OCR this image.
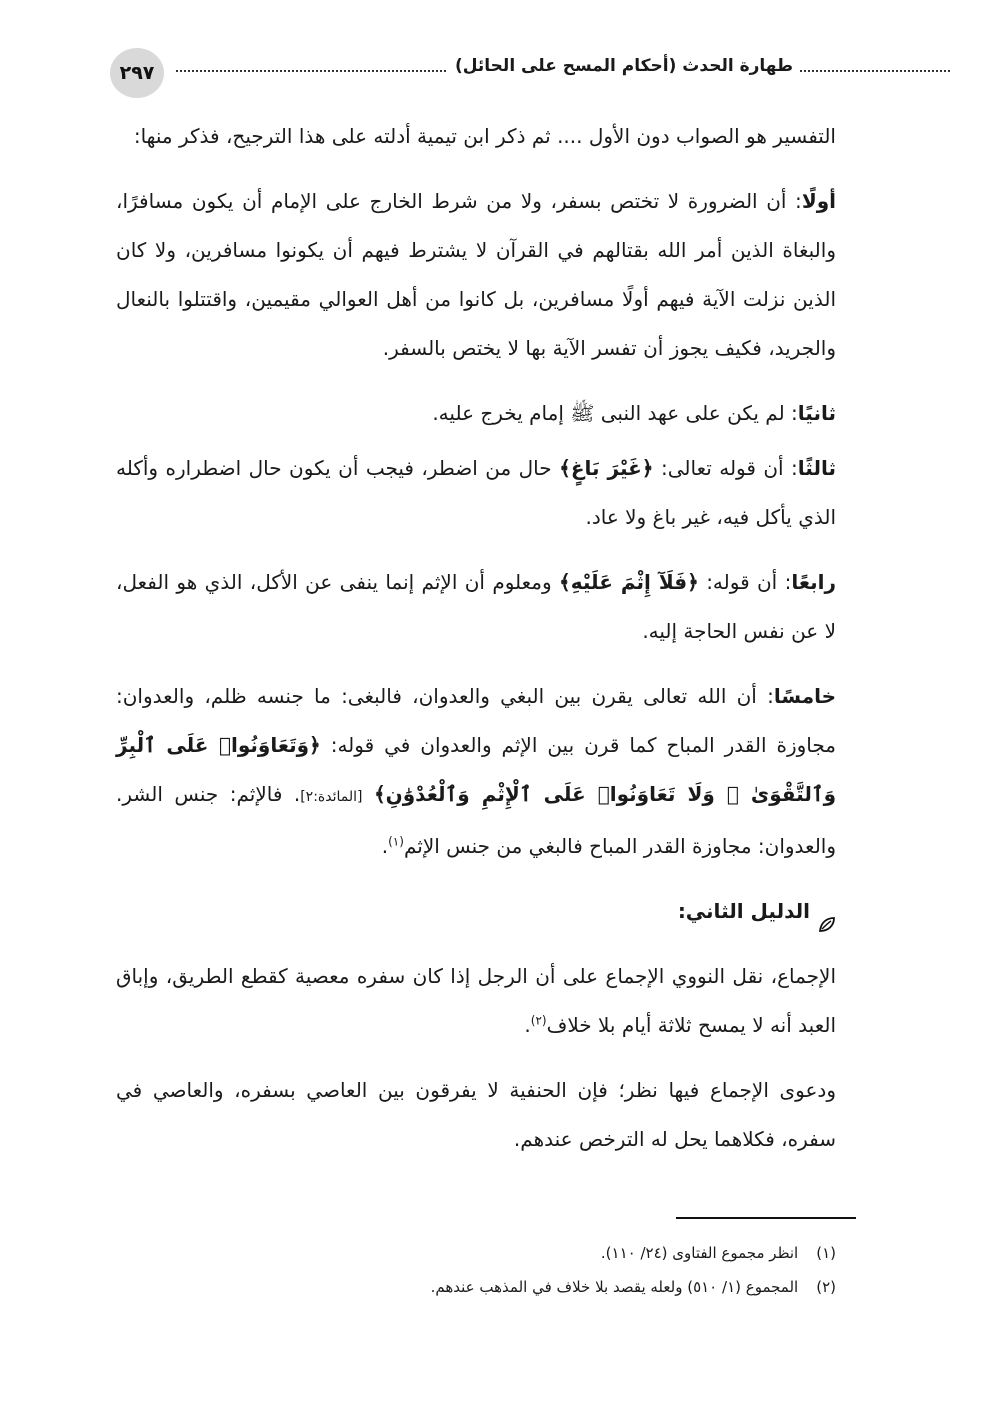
٢٩٧	طهارة الحدث (أحكام المسح على الحائل)

التفسير هو الصواب دون الأول .... ثم ذكر ابن تيمية أدلته على هذا الترجيح، فذكر منها:

أولًا: أن الضرورة لا تختص بسفر، ولا من شرط الخارج على الإمام أن يكون مسافرًا، والبغاة الذين أمر الله بقتالهم في القرآن لا يشترط فيهم أن يكونوا مسافرين، ولا كان الذين نزلت الآية فيهم أولًا مسافرين، بل كانوا من أهل العوالي مقيمين، واقتتلوا بالنعال والجريد، فكيف يجوز أن تفسر الآية بها لا يختص بالسفر.

ثانيًا: لم يكن على عهد النبى ﷺ إمام يخرج عليه.

ثالثًا: أن قوله تعالى: ﴿غَيْرَ بَاغٍ﴾ حال من اضطر، فيجب أن يكون حال اضطراره وأكله الذي يأكل فيه، غير باغ ولا عاد.

رابعًا: أن قوله: ﴿فَلَآ إِثْمَ عَلَيْهِ﴾ ومعلوم أن الإثم إنما ينفى عن الأكل، الذي هو الفعل، لا عن نفس الحاجة إليه.

خامسًا: أن الله تعالى يقرن بين البغي والعدوان، فالبغى: ما جنسه ظلم، والعدوان: مجاوزة القدر المباح كما قرن بين الإثم والعدوان في قوله: ﴿وَتَعَاوَنُوا۟ عَلَى ٱلْبِرِّ وَٱلتَّقْوَىٰ ۖ وَلَا تَعَاوَنُوا۟ عَلَى ٱلْإِثْمِ وَٱلْعُدْوَٰنِ﴾ [المائدة:٢]. فالإثم: جنس الشر. والعدوان: مجاوزة القدر المباح فالبغي من جنس الإثم$^{(١)}$.

الدليل الثاني:

الإجماع، نقل النووي الإجماع على أن الرجل إذا كان سفره معصية كقطع الطريق، وإباق العبد أنه لا يمسح ثلاثة أيام بلا خلاف$^{(٢)}$.

ودعوى الإجماع فيها نظر؛ فإن الحنفية لا يفرقون بين العاصي بسفره، والعاصي في سفره، فكلاهما يحل له الترخص عندهم.

(١)
انظر مجموع الفتاوى (٢٤/ ١١٠).
(٢)
المجموع (١/ ٥١٠) ولعله يقصد بلا خلاف في المذهب عندهم.
